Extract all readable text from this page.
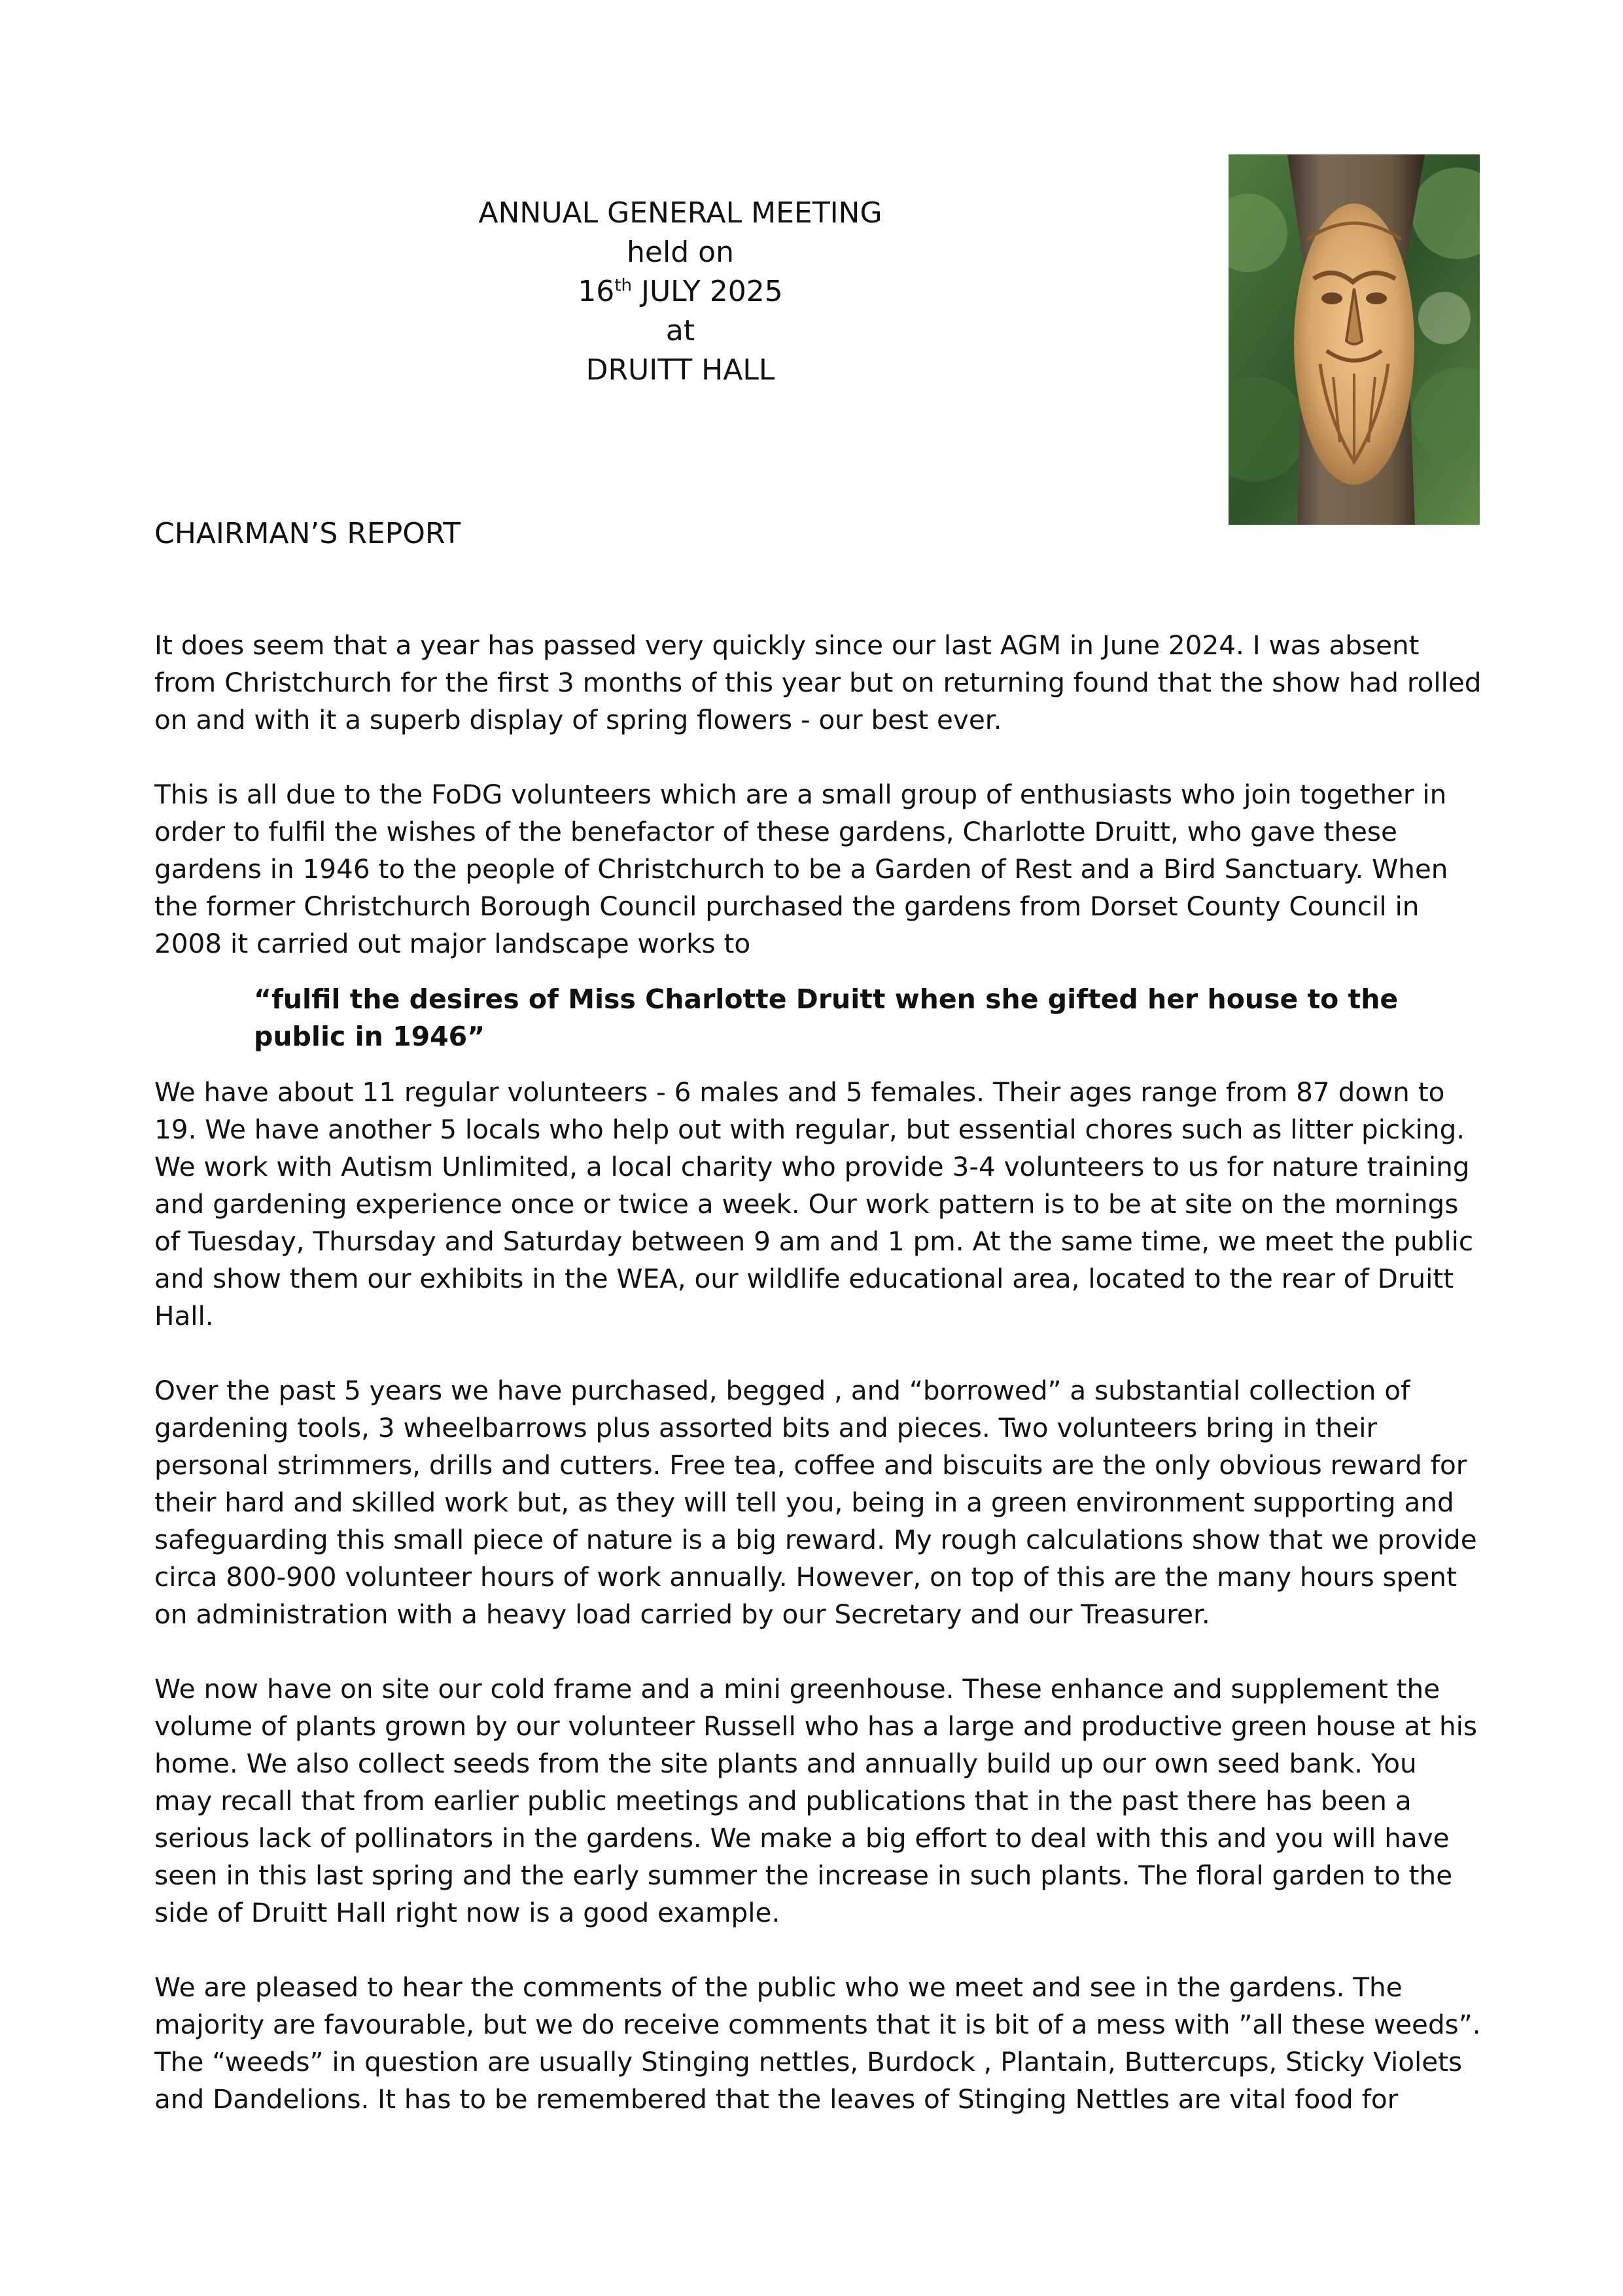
ANNUAL GENERAL MEETING
held on
16th JULY 2025
at
DRUITT HALL
CHAIRMAN’S REPORT

It does seem that a year has passed very quickly since our last AGM in June 2024. I was absent from Christchurch for the first 3 months of this year but on returning found that the show had rolled on and with it a superb display of spring flowers - our best ever.

This is all due to the FoDG volunteers which are a small group of enthusiasts who join together in order to fulfil the wishes of the benefactor of these gardens, Charlotte Druitt, who gave these gardens in 1946 to the people of Christchurch to be a Garden of Rest and a Bird Sanctuary. When the former Christchurch Borough Council purchased the gardens from Dorset County Council in 2008 it carried out major landscape works to

“fulfil the desires of Miss Charlotte Druitt when she gifted her house to the public in 1946”

We have about 11 regular volunteers - 6 males and 5 females. Their ages range from 87 down to 19. We have another 5 locals who help out with regular, but essential chores such as litter picking. We work with Autism Unlimited, a local charity who provide 3-4 volunteers to us for nature training and gardening experience once or twice a week. Our work pattern is to be at site on the mornings of Tuesday, Thursday and Saturday between 9 am and 1 pm. At the same time, we meet the public and show them our exhibits in the WEA, our wildlife educational area, located to the rear of Druitt Hall.

Over the past 5 years we have purchased, begged , and “borrowed” a substantial collection of gardening tools, 3 wheelbarrows plus assorted bits and pieces. Two volunteers bring in their personal strimmers, drills and cutters. Free tea, coffee and biscuits are the only obvious reward for their hard and skilled work but, as they will tell you, being in a green environment supporting and safeguarding this small piece of nature is a big reward. My rough calculations show that we provide circa 800-900 volunteer hours of work annually. However, on top of this are the many hours spent on administration with a heavy load carried by our Secretary and our Treasurer.

We now have on site our cold frame and a mini greenhouse. These enhance and supplement the volume of plants grown by our volunteer Russell who has a large and productive green house at his home. We also collect seeds from the site plants and annually build up our own seed bank. You may recall that from earlier public meetings and publications that in the past there has been a serious lack of pollinators in the gardens. We make a big effort to deal with this and you will have seen in this last spring and the early summer the increase in such plants. The floral garden to the side of Druitt Hall right now is a good example.

We are pleased to hear the comments of the public who we meet and see in the gardens. The majority are favourable, but we do receive comments that it is bit of a mess with ”all these weeds”. The “weeds” in question are usually Stinging nettles, Burdock , Plantain, Buttercups, Sticky Violets and Dandelions. It has to be remembered that the leaves of Stinging Nettles are vital food for
